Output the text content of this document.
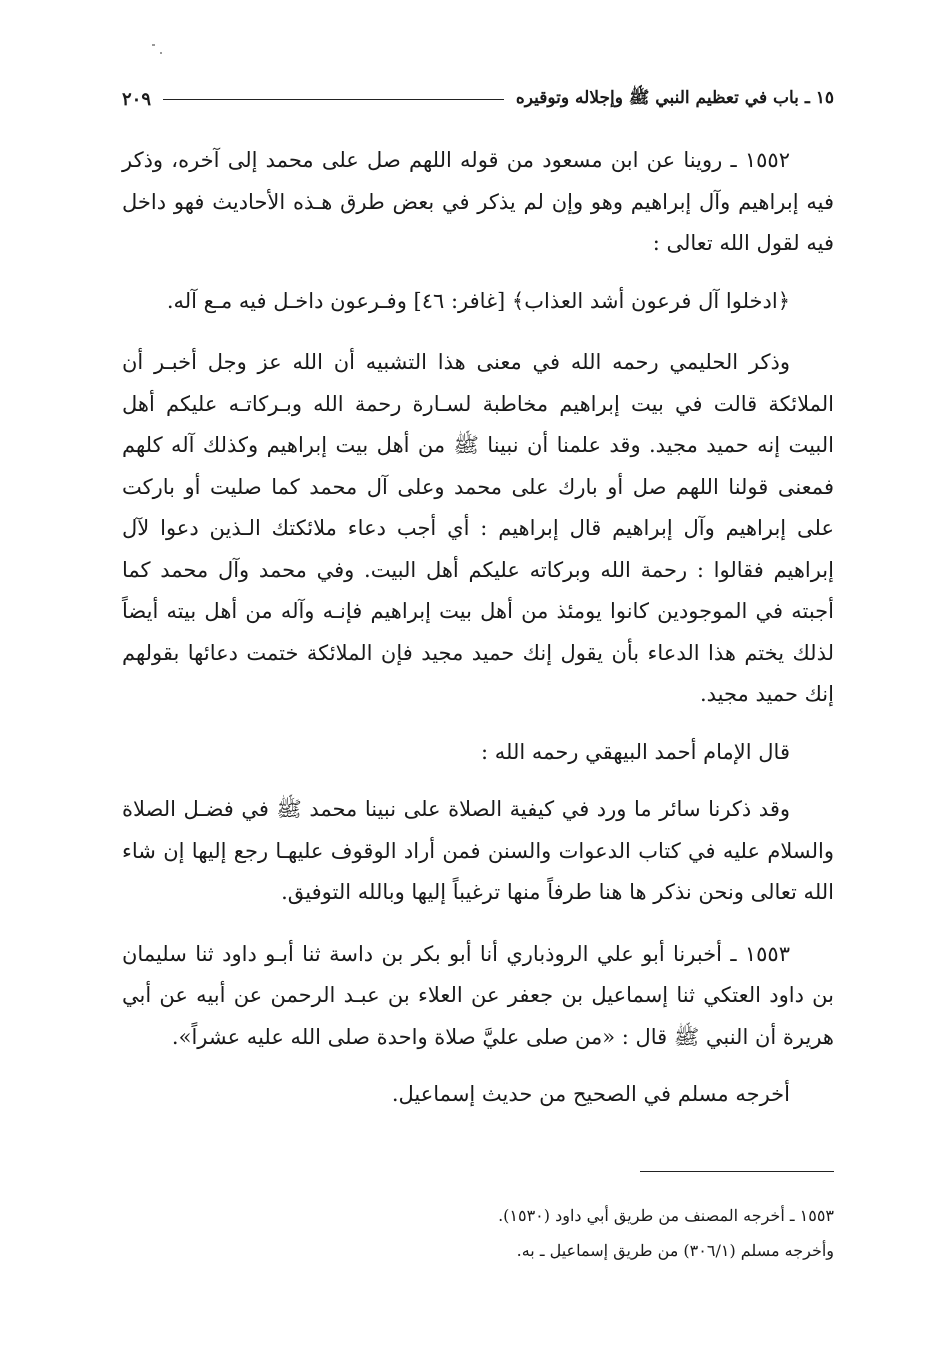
١٥ ـ باب في تعظيم النبي ﷺ وإجلاله وتوقيره
٢٠٩

١٥٥٢ ـ روينا عن ابن مسعود من قوله اللهم صل على محمد إلى آخره، وذكر فيه إبراهيم وآل إبراهيم وهو وإن لم يذكر في بعض طرق هـذه الأحاديث فهو داخل فيه لقول الله تعالى :

﴿ادخلوا آل فرعون أشد العذاب﴾ [غافر: ٤٦] وفـرعون داخـل فيه مـع آله.

وذكر الحليمي رحمه الله في معنى هذا التشبيه أن الله عز وجل أخبـر أن الملائكة قالت في بيت إبراهيم مخاطبة لسـارة رحمة الله وبـركاتـه عليكم أهل البيت إنه حميد مجيد. وقد علمنا أن نبينا ﷺ من أهل بيت إبراهيم وكذلك آله كلهم فمعنى قولنا اللهم صل أو بارك على محمد وعلى آل محمد كما صليت أو باركت على إبراهيم وآل إبراهيم قال إبراهيم : أي أجب دعاء ملائكتك الـذين دعوا لآل إبراهيم فقالوا : رحمة الله وبركاته عليكم أهل البيت. وفي محمد وآل محمد كما أجبته في الموجودين كانوا يومئذ من أهل بيت إبراهيم فإنـه وآله من أهل بيته أيضاً لذلك يختم هذا الدعاء بأن يقول إنك حميد مجيد فإن الملائكة ختمت دعائها بقولهم إنك حميد مجيد.

قال الإمام أحمد البيهقي رحمه الله :

وقد ذكرنا سائر ما ورد في كيفية الصلاة على نبينا محمد ﷺ في فضـل الصلاة والسلام عليه في كتاب الدعوات والسنن فمن أراد الوقوف عليهـا رجع إليها إن شاء الله تعالى ونحن نذكر ها هنا طرفاً منها ترغيباً إليها وبالله التوفيق.

١٥٥٣ ـ أخبرنا أبو علي الروذباري أنا أبو بكر بن داسة ثنا أبـو داود ثنا سليمان بن داود العتكي ثنا إسماعيل بن جعفر عن العلاء بن عبـد الرحمن عن أبيه عن أبي هريرة أن النبي ﷺ قال : «من صلى عليَّ صلاة واحدة صلى الله عليه عشراً».

أخرجه مسلم في الصحيح من حديث إسماعيل.

١٥٥٣ ـ أخرجه المصنف من طريق أبي داود (١٥٣٠).

وأخرجه مسلم (٣٠٦/١) من طريق إسماعيل ـ به.
